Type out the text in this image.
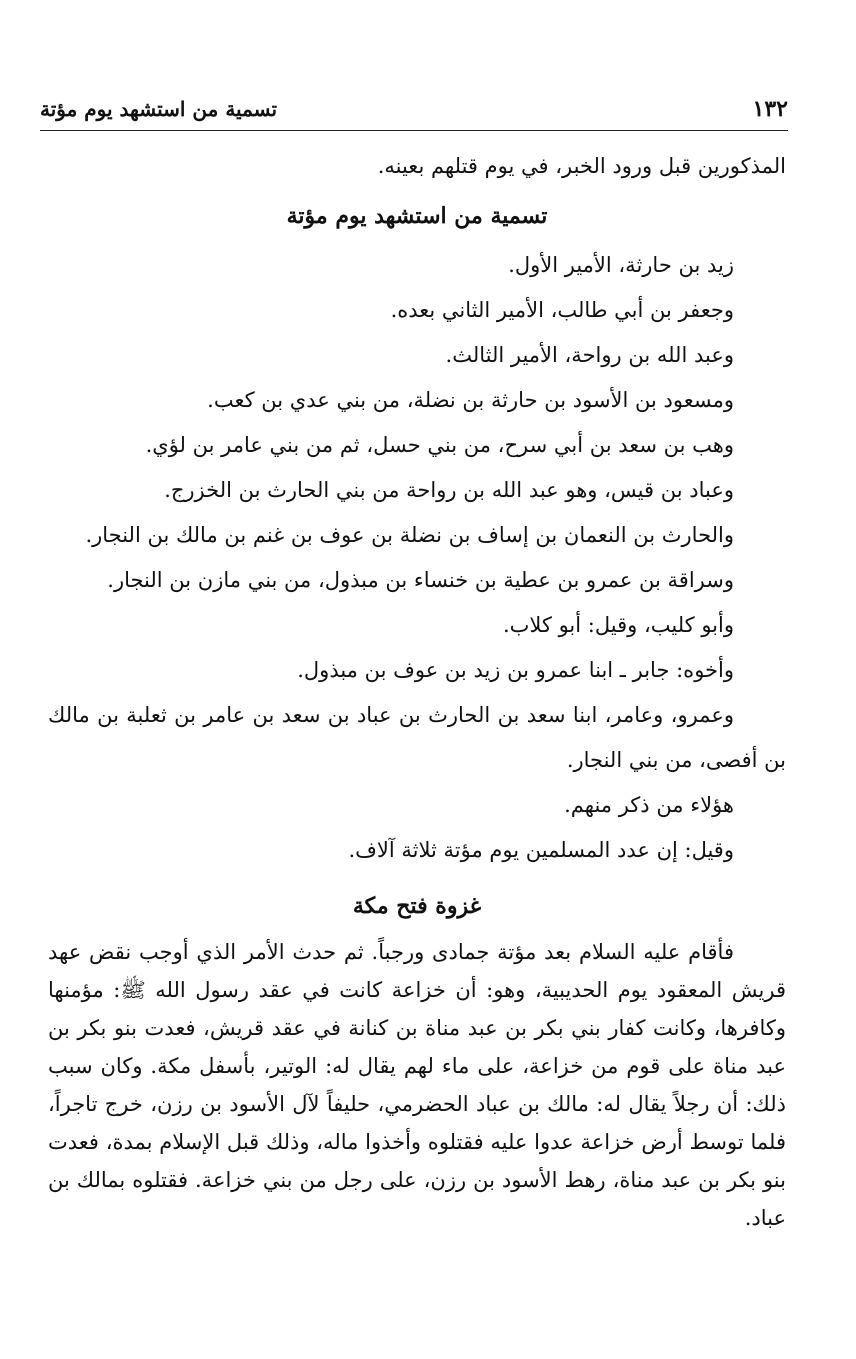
١٣٢
تسمية من استشهد يوم مؤتة

المذكورين قبل ورود الخبر، في يوم قتلهم بعينه.

تسمية من استشهد يوم مؤتة

زيد بن حارثة، الأمير الأول.

وجعفر بن أبي طالب، الأمير الثاني بعده.

وعبد الله بن رواحة، الأمير الثالث.

ومسعود بن الأسود بن حارثة بن نضلة، من بني عدي بن كعب.

وهب بن سعد بن أبي سرح، من بني حسل، ثم من بني عامر بن لؤي.

وعباد بن قيس، وهو عبد الله بن رواحة من بني الحارث بن الخزرج.

والحارث بن النعمان بن إساف بن نضلة بن عوف بن غنم بن مالك بن النجار.

وسراقة بن عمرو بن عطية بن خنساء بن مبذول، من بني مازن بن النجار.

وأبو كليب، وقيل: أبو كلاب.

وأخوه: جابر ـ ابنا عمرو بن زيد بن عوف بن مبذول.

وعمرو، وعامر، ابنا سعد بن الحارث بن عباد بن سعد بن عامر بن ثعلبة بن مالك بن أفصى، من بني النجار.

هؤلاء من ذكر منهم.

وقيل: إن عدد المسلمين يوم مؤتة ثلاثة آلاف.

غزوة فتح مكة

فأقام عليه السلام بعد مؤتة جمادى ورجباً. ثم حدث الأمر الذي أوجب نقض عهد قريش المعقود يوم الحديبية، وهو: أن خزاعة كانت في عقد رسول الله ﷺ: مؤمنها وكافرها، وكانت كفار بني بكر بن عبد مناة بن كنانة في عقد قريش، فعدت بنو بكر بن عبد مناة على قوم من خزاعة، على ماء لهم يقال له: الوتير، بأسفل مكة. وكان سبب ذلك: أن رجلاً يقال له: مالك بن عباد الحضرمي، حليفاً لآل الأسود بن رزن، خرج تاجراً، فلما توسط أرض خزاعة عدوا عليه فقتلوه وأخذوا ماله، وذلك قبل الإسلام بمدة، فعدت بنو بكر بن عبد مناة، رهط الأسود بن رزن، على رجل من بني خزاعة. فقتلوه بمالك بن عباد.
